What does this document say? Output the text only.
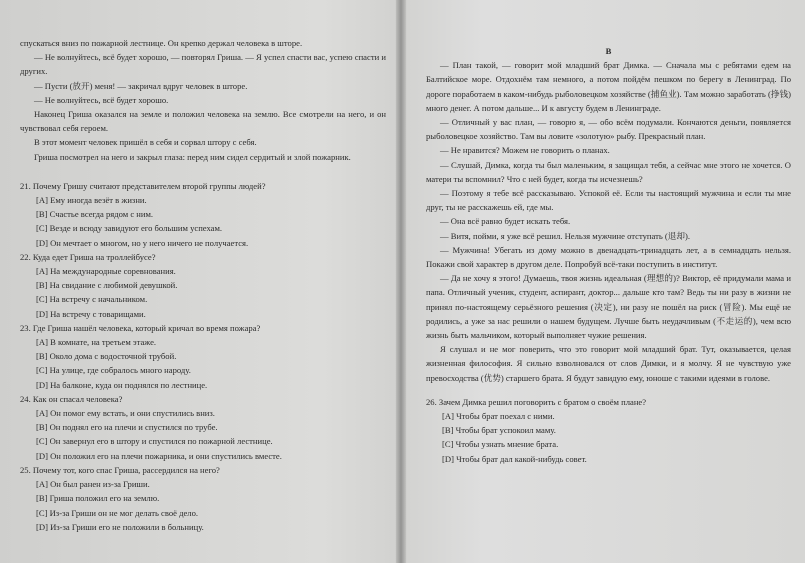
спускаться вниз по пожарной лестнице. Он крепко держал человека в шторе.

— Не волнуйтесь, всё будет хорошо, — повторял Гриша. — Я успел спасти вас, успею спасти и других.

— Пусти (放开) меня! — закричал вдруг человек в шторе.

— Не волнуйтесь, всё будет хорошо.

Наконец Гриша оказался на земле и положил человека на землю. Все смотрели на него, и он чувствовал себя героем.

В этот момент человек пришёл в себя и сорвал штору с себя.

Гриша посмотрел на него и закрыл глаза: перед ним сидел сердитый и злой пожарник.

21. Почему Гришу считают представителем второй группы людей?

[A] Ему иногда везёт в жизни.

[B] Счастье всегда рядом с ним.

[C] Везде и всюду завидуют его большим успехам.

[D] Он мечтает о многом, но у него ничего не получается.

22. Куда едет Гриша на троллейбусе?

[A] На международные соревнования.

[B] На свидание с любимой девушкой.

[C] На встречу с начальником.

[D] На встречу с товарищами.

23. Где Гриша нашёл человека, который кричал во время пожара?

[A] В комнате, на третьем этаже.

[B] Около дома с водосточной трубой.

[C] На улице, где собралось много народу.

[D] На балконе, куда он поднялся по лестнице.

24. Как он спасал человека?

[A] Он помог ему встать, и они спустились вниз.

[B] Он поднял его на плечи и спустился по трубе.

[C] Он завернул его в штору и спустился по пожарной лестнице.

[D] Он положил его на плечи пожарника, и они спустились вместе.

25. Почему тот, кого спас Гриша, рассердился на него?

[A] Он был ранен из-за Гриши.

[B] Гриша положил его на землю.

[C] Из-за Гриши он не мог делать своё дело.

[D] Из-за Гриши его не положили в больницу.

B

— План такой, — говорит мой младший брат Димка. — Сначала мы с ребятами едем на Балтийское море. Отдохнём там немного, а потом пойдём пешком по берегу в Ленинград. По дороге поработаем в каком-нибудь рыболовецком хозяйстве (捕鱼业). Там можно заработать (挣钱) много денег. А потом дальше... И к августу будем в Ленинграде.

— Отличный у вас план, — говорю я, — обо всём подумали. Кончаются деньги, появляется рыболовецкое хозяйство. Там вы ловите «золотую» рыбу. Прекрасный план.

— Не нравится? Можем не говорить о планах.

— Слушай, Димка, когда ты был маленьким, я защищал тебя, а сейчас мне этого не хочется. О матери ты вспомнил? Что с ней будет, когда ты исчезнешь?

— Поэтому я тебе всё рассказываю. Успокой её. Если ты настоящий мужчина и если ты мне друг, ты не расскажешь ей, где мы.

— Она всё равно будет искать тебя.

— Витя, пойми, я уже всё решил. Нельзя мужчине отступать (退却).

— Мужчина! Убегать из дому можно в двенадцать-тринадцать лет, а в семнадцать нельзя. Покажи свой характер в другом деле. Попробуй всё-таки поступить в институт.

— Да не хочу я этого! Думаешь, твоя жизнь идеальная (理想的)? Виктор, её придумали мама и папа. Отличный ученик, студент, аспирант, доктор... дальше кто там? Ведь ты ни разу в жизни не принял по-настоящему серьёзного решения (决定), ни разу не пошёл на риск (冒险). Мы ещё не родились, а уже за нас решили о нашем будущем. Лучше быть неудачливым (不走运的), чем всю жизнь быть мальчиком, который выполняет чужие решения.

Я слушал и не мог поверить, что это говорит мой младший брат. Тут, оказывается, целая жизненная философия. Я сильно взволновался от слов Димки, и я молчу. Я не чувствую уже превосходства (优势) старшего брата. Я будут завидую ему, юноше с такими идеями в голове.

26. Зачем Димка решил поговорить с братом о своём плане?

[A] Чтобы брат поехал с ними.

[B] Чтобы брат успокоил маму.

[C] Чтобы узнать мнение брата.

[D] Чтобы брат дал какой-нибудь совет.
